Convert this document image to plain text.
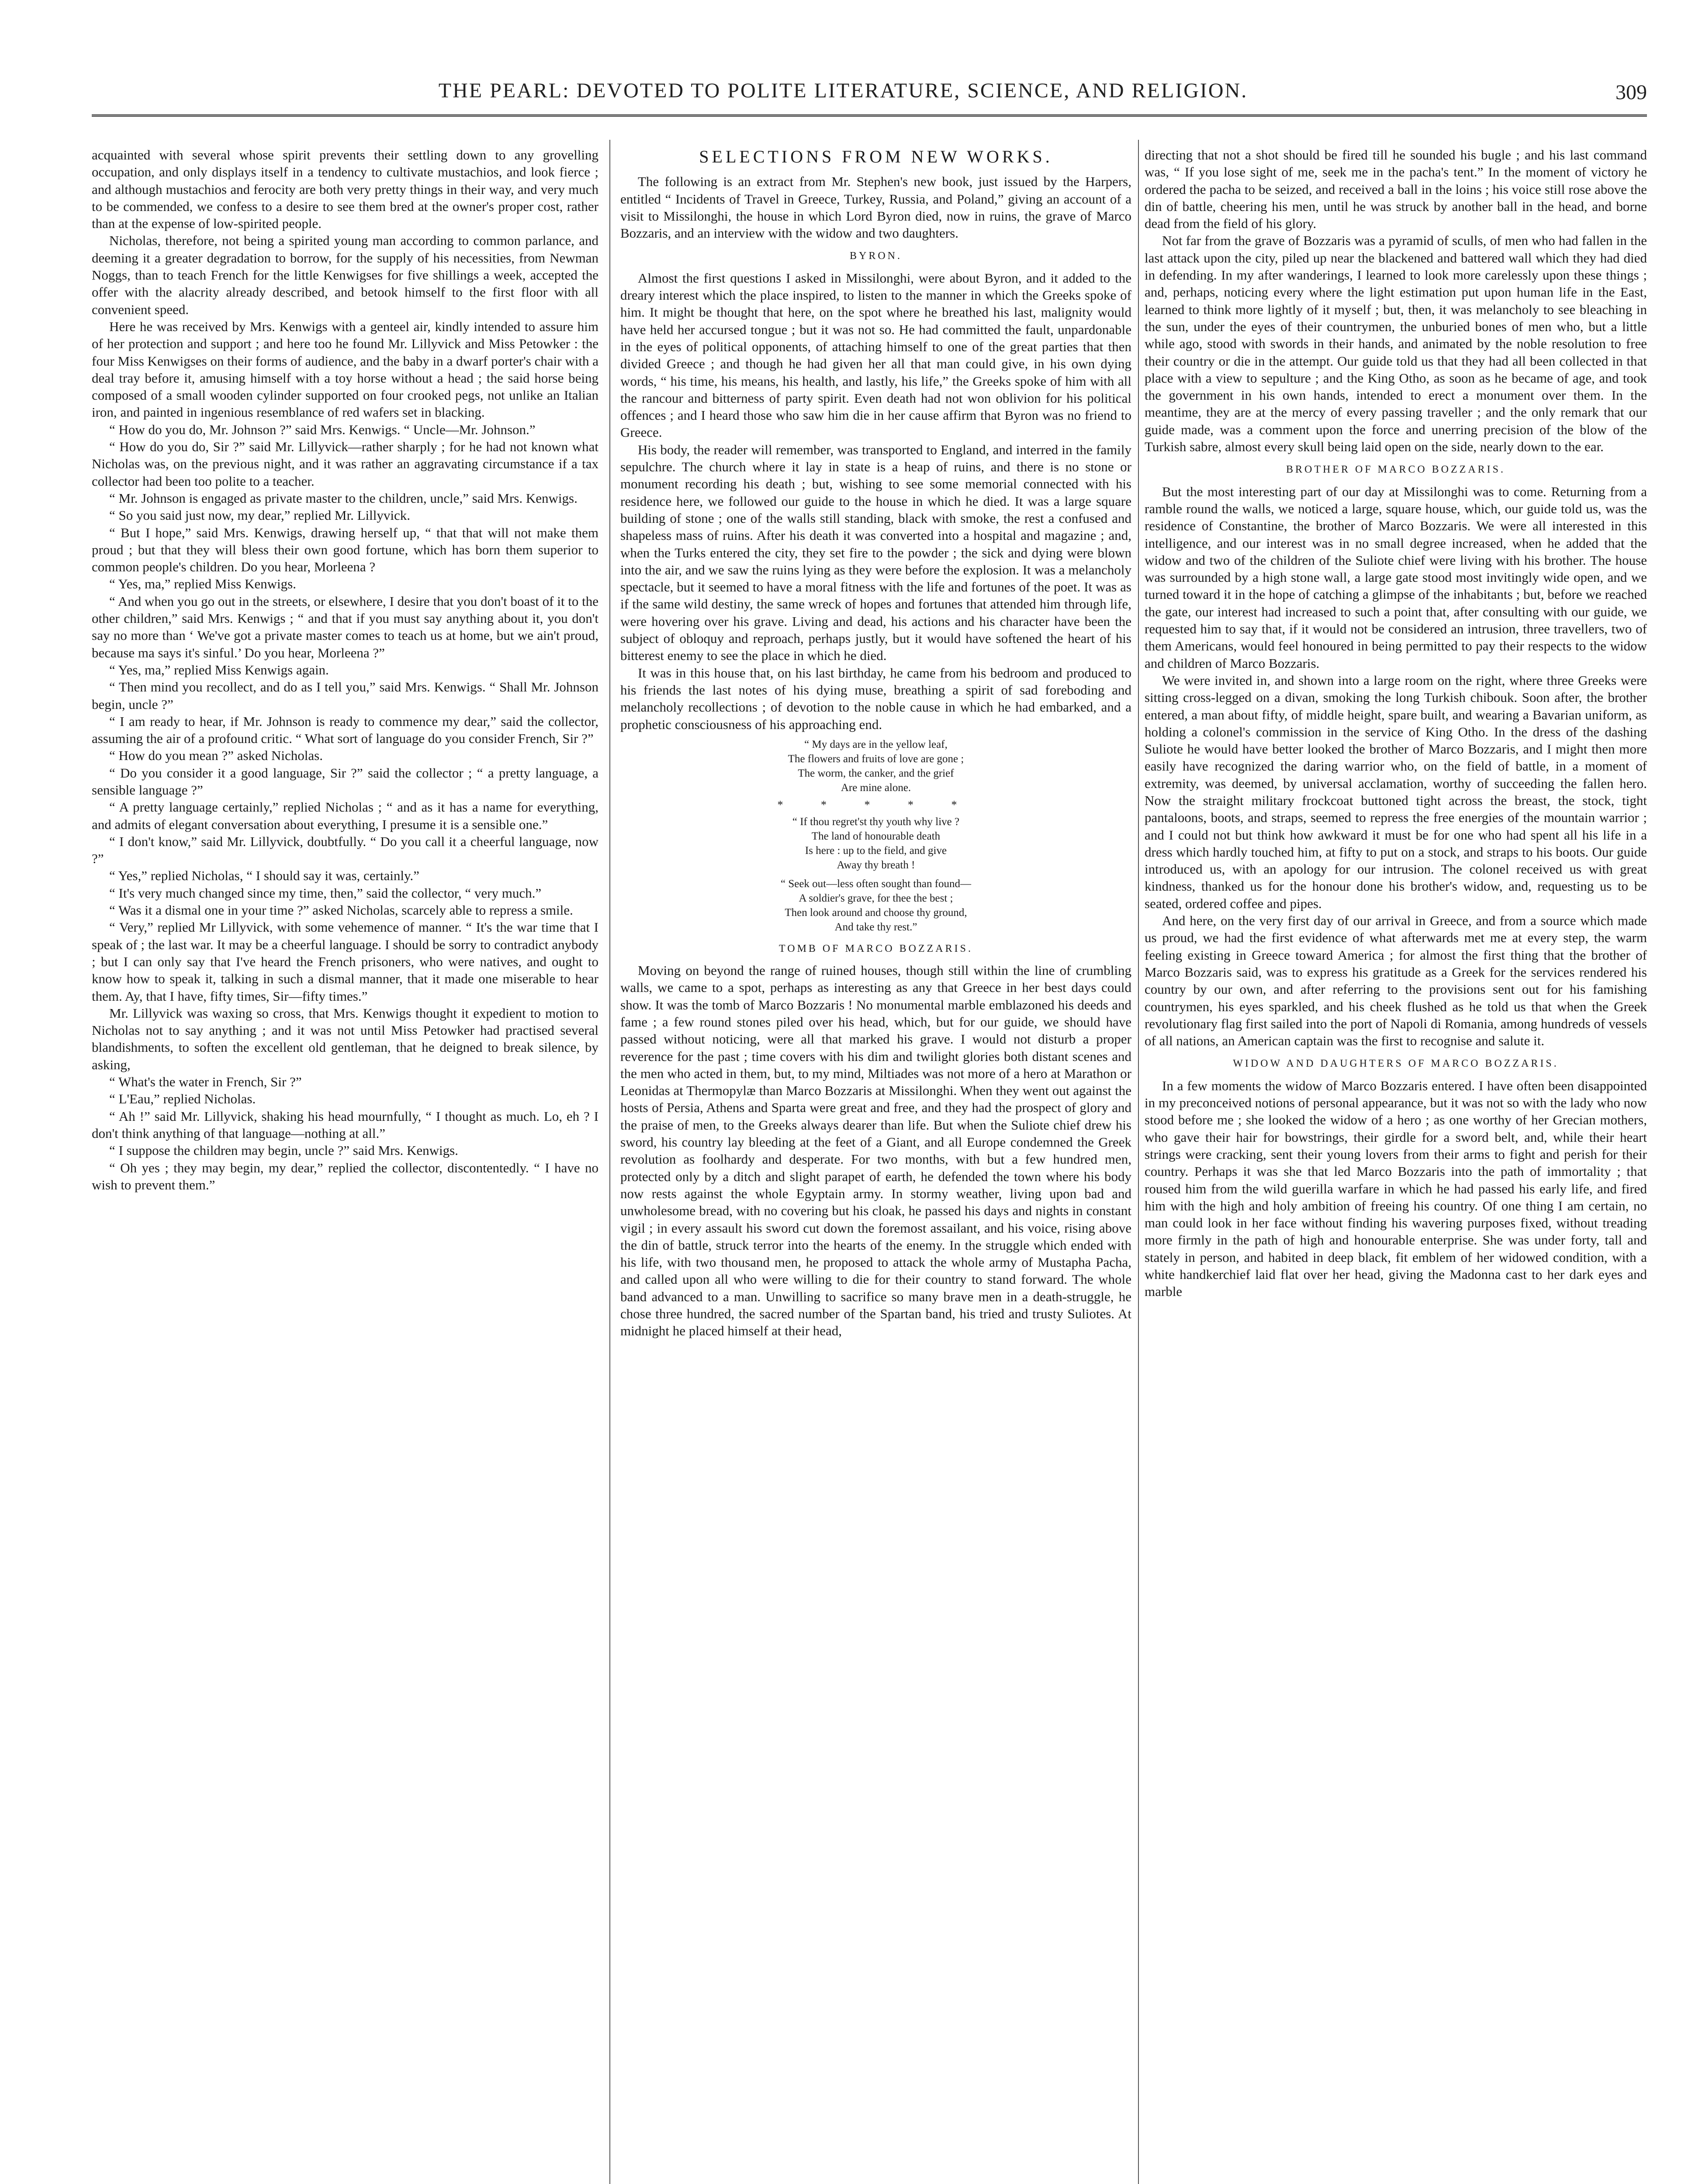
THE PEARL: DEVOTED TO POLITE LITERATURE, SCIENCE, AND RELIGION.	309

acquainted with several whose spirit prevents their settling down to any grovelling occupation, and only displays itself in a tendency to cultivate mustachios, and look fierce ; and although mustachios and ferocity are both very pretty things in their way, and very much to be commended, we confess to a desire to see them bred at the owner's proper cost, rather than at the expense of low-spirited people.

Nicholas, therefore, not being a spirited young man according to common parlance, and deeming it a greater degradation to borrow, for the supply of his necessities, from Newman Noggs, than to teach French for the little Kenwigses for five shillings a week, accepted the offer with the alacrity already described, and betook himself to the first floor with all convenient speed.

Here he was received by Mrs. Kenwigs with a genteel air, kindly intended to assure him of her protection and support ; and here too he found Mr. Lillyvick and Miss Petowker : the four Miss Kenwigses on their forms of audience, and the baby in a dwarf porter's chair with a deal tray before it, amusing himself with a toy horse without a head ; the said horse being composed of a small wooden cylinder supported on four crooked pegs, not unlike an Italian iron, and painted in ingenious resemblance of red wafers set in blacking.

“ How do you do, Mr. Johnson ?” said Mrs. Kenwigs. “ Uncle—Mr. Johnson.”

“ How do you do, Sir ?” said Mr. Lillyvick—rather sharply ; for he had not known what Nicholas was, on the previous night, and it was rather an aggravating circumstance if a tax collector had been too polite to a teacher.

“ Mr. Johnson is engaged as private master to the children, uncle,” said Mrs. Kenwigs.

“ So you said just now, my dear,” replied Mr. Lillyvick.

“ But I hope,” said Mrs. Kenwigs, drawing herself up, “ that that will not make them proud ; but that they will bless their own good fortune, which has born them superior to common people's children. Do you hear, Morleena ?

“ Yes, ma,” replied Miss Kenwigs.

“ And when you go out in the streets, or elsewhere, I desire that you don't boast of it to the other children,” said Mrs. Kenwigs ; “ and that if you must say anything about it, you don't say no more than ‘ We've got a private master comes to teach us at home, but we ain't proud, because ma says it's sinful.’ Do you hear, Morleena ?”

“ Yes, ma,” replied Miss Kenwigs again.

“ Then mind you recollect, and do as I tell you,” said Mrs. Kenwigs. “ Shall Mr. Johnson begin, uncle ?”

“ I am ready to hear, if Mr. Johnson is ready to commence my dear,” said the collector, assuming the air of a profound critic. “ What sort of language do you consider French, Sir ?”

“ How do you mean ?” asked Nicholas.

“ Do you consider it a good language, Sir ?” said the collector ; “ a pretty language, a sensible language ?”

“ A pretty language certainly,” replied Nicholas ; “ and as it has a name for everything, and admits of elegant conversation about everything, I presume it is a sensible one.”

“ I don't know,” said Mr. Lillyvick, doubtfully. “ Do you call it a cheerful language, now ?”

“ Yes,” replied Nicholas, “ I should say it was, certainly.”

“ It's very much changed since my time, then,” said the collector, “ very much.”

“ Was it a dismal one in your time ?” asked Nicholas, scarcely able to repress a smile.

“ Very,” replied Mr Lillyvick, with some vehemence of manner. “ It's the war time that I speak of ; the last war. It may be a cheerful language. I should be sorry to contradict anybody ; but I can only say that I've heard the French prisoners, who were natives, and ought to know how to speak it, talking in such a dismal manner, that it made one miserable to hear them. Ay, that I have, fifty times, Sir—fifty times.”

Mr. Lillyvick was waxing so cross, that Mrs. Kenwigs thought it expedient to motion to Nicholas not to say anything ; and it was not until Miss Petowker had practised several blandishments, to soften the excellent old gentleman, that he deigned to break silence, by asking,

“ What's the water in French, Sir ?”

“ L'Eau,” replied Nicholas.

“ Ah !” said Mr. Lillyvick, shaking his head mournfully, “ I thought as much. Lo, eh ? I don't think anything of that language—nothing at all.”

“ I suppose the children may begin, uncle ?” said Mrs. Kenwigs.

“ Oh yes ; they may begin, my dear,” replied the collector, discontentedly. “ I have no wish to prevent them.”

SELECTIONS FROM NEW WORKS.

The following is an extract from Mr. Stephen's new book, just issued by the Harpers, entitled “ Incidents of Travel in Greece, Turkey, Russia, and Poland,” giving an account of a visit to Missilonghi, the house in which Lord Byron died, now in ruins, the grave of Marco Bozzaris, and an interview with the widow and two daughters.

BYRON.

Almost the first questions I asked in Missilonghi, were about Byron, and it added to the dreary interest which the place inspired, to listen to the manner in which the Greeks spoke of him. It might be thought that here, on the spot where he breathed his last, malignity would have held her accursed tongue ; but it was not so. He had committed the fault, unpardonable in the eyes of political opponents, of attaching himself to one of the great parties that then divided Greece ; and though he had given her all that man could give, in his own dying words, “ his time, his means, his health, and lastly, his life,” the Greeks spoke of him with all the rancour and bitterness of party spirit. Even death had not won oblivion for his political offences ; and I heard those who saw him die in her cause affirm that Byron was no friend to Greece.

His body, the reader will remember, was transported to England, and interred in the family sepulchre. The church where it lay in state is a heap of ruins, and there is no stone or monument recording his death ; but, wishing to see some memorial connected with his residence here, we followed our guide to the house in which he died. It was a large square building of stone ; one of the walls still standing, black with smoke, the rest a confused and shapeless mass of ruins. After his death it was converted into a hospital and magazine ; and, when the Turks entered the city, they set fire to the powder ; the sick and dying were blown into the air, and we saw the ruins lying as they were before the explosion. It was a melancholy spectacle, but it seemed to have a moral fitness with the life and fortunes of the poet. It was as if the same wild destiny, the same wreck of hopes and fortunes that attended him through life, were hovering over his grave. Living and dead, his actions and his character have been the subject of obloquy and reproach, perhaps justly, but it would have softened the heart of his bitterest enemy to see the place in which he died.

It was in this house that, on his last birthday, he came from his bedroom and produced to his friends the last notes of his dying muse, breathing a spirit of sad foreboding and melancholy recollections ; of devotion to the noble cause in which he had embarked, and a prophetic consciousness of his approaching end.

“ My days are in the yellow leaf,
The flowers and fruits of love are gone ;
The worm, the canker, and the grief
Are mine alone.
* * * * *
“ If thou regret'st thy youth why live ?
The land of honourable death
Is here : up to the field, and give
Away thy breath !
“ Seek out—less often sought than found—
A soldier's grave, for thee the best ;
Then look around and choose thy ground,
And take thy rest.”
TOMB OF MARCO BOZZARIS.

Moving on beyond the range of ruined houses, though still within the line of crumbling walls, we came to a spot, perhaps as interesting as any that Greece in her best days could show. It was the tomb of Marco Bozzaris ! No monumental marble emblazoned his deeds and fame ; a few round stones piled over his head, which, but for our guide, we should have passed without noticing, were all that marked his grave. I would not disturb a proper reverence for the past ; time covers with his dim and twilight glories both distant scenes and the men who acted in them, but, to my mind, Miltiades was not more of a hero at Marathon or Leonidas at Thermopylæ than Marco Bozzaris at Missilonghi. When they went out against the hosts of Persia, Athens and Sparta were great and free, and they had the prospect of glory and the praise of men, to the Greeks always dearer than life. But when the Suliote chief drew his sword, his country lay bleeding at the feet of a Giant, and all Europe condemned the Greek revolution as foolhardy and desperate. For two months, with but a few hundred men, protected only by a ditch and slight parapet of earth, he defended the town where his body now rests against the whole Egyptain army. In stormy weather, living upon bad and unwholesome bread, with no covering but his cloak, he passed his days and nights in constant vigil ; in every assault his sword cut down the foremost assailant, and his voice, rising above the din of battle, struck terror into the hearts of the enemy. In the struggle which ended with his life, with two thousand men, he proposed to attack the whole army of Mustapha Pacha, and called upon all who were willing to die for their country to stand forward. The whole band advanced to a man. Unwilling to sacrifice so many brave men in a death-struggle, he chose three hundred, the sacred number of the Spartan band, his tried and trusty Suliotes. At midnight he placed himself at their head,

directing that not a shot should be fired till he sounded his bugle ; and his last command was, “ If you lose sight of me, seek me in the pacha's tent.” In the moment of victory he ordered the pacha to be seized, and received a ball in the loins ; his voice still rose above the din of battle, cheering his men, until he was struck by another ball in the head, and borne dead from the field of his glory.

Not far from the grave of Bozzaris was a pyramid of sculls, of men who had fallen in the last attack upon the city, piled up near the blackened and battered wall which they had died in defending. In my after wanderings, I learned to look more carelessly upon these things ; and, perhaps, noticing every where the light estimation put upon human life in the East, learned to think more lightly of it myself ; but, then, it was melancholy to see bleaching in the sun, under the eyes of their countrymen, the unburied bones of men who, but a little while ago, stood with swords in their hands, and animated by the noble resolution to free their country or die in the attempt. Our guide told us that they had all been collected in that place with a view to sepulture ; and the King Otho, as soon as he became of age, and took the government in his own hands, intended to erect a monument over them. In the meantime, they are at the mercy of every passing traveller ; and the only remark that our guide made, was a comment upon the force and unerring precision of the blow of the Turkish sabre, almost every skull being laid open on the side, nearly down to the ear.

BROTHER OF MARCO BOZZARIS.

But the most interesting part of our day at Missilonghi was to come. Returning from a ramble round the walls, we noticed a large, square house, which, our guide told us, was the residence of Constantine, the brother of Marco Bozzaris. We were all interested in this intelligence, and our interest was in no small degree increased, when he added that the widow and two of the children of the Suliote chief were living with his brother. The house was surrounded by a high stone wall, a large gate stood most invitingly wide open, and we turned toward it in the hope of catching a glimpse of the inhabitants ; but, before we reached the gate, our interest had increased to such a point that, after consulting with our guide, we requested him to say that, if it would not be considered an intrusion, three travellers, two of them Americans, would feel honoured in being permitted to pay their respects to the widow and children of Marco Bozzaris.

We were invited in, and shown into a large room on the right, where three Greeks were sitting cross-legged on a divan, smoking the long Turkish chibouk. Soon after, the brother entered, a man about fifty, of middle height, spare built, and wearing a Bavarian uniform, as holding a colonel's commission in the service of King Otho. In the dress of the dashing Suliote he would have better looked the brother of Marco Bozzaris, and I might then more easily have recognized the daring warrior who, on the field of battle, in a moment of extremity, was deemed, by universal acclamation, worthy of succeeding the fallen hero. Now the straight military frockcoat buttoned tight across the breast, the stock, tight pantaloons, boots, and straps, seemed to repress the free energies of the mountain warrior ; and I could not but think how awkward it must be for one who had spent all his life in a dress which hardly touched him, at fifty to put on a stock, and straps to his boots. Our guide introduced us, with an apology for our intrusion. The colonel received us with great kindness, thanked us for the honour done his brother's widow, and, requesting us to be seated, ordered coffee and pipes.

And here, on the very first day of our arrival in Greece, and from a source which made us proud, we had the first evidence of what afterwards met me at every step, the warm feeling existing in Greece toward America ; for almost the first thing that the brother of Marco Bozzaris said, was to express his gratitude as a Greek for the services rendered his country by our own, and after referring to the provisions sent out for his famishing countrymen, his eyes sparkled, and his cheek flushed as he told us that when the Greek revolutionary flag first sailed into the port of Napoli di Romania, among hundreds of vessels of all nations, an American captain was the first to recognise and salute it.

WIDOW AND DAUGHTERS OF MARCO BOZZARIS.

In a few moments the widow of Marco Bozzaris entered. I have often been disappointed in my preconceived notions of personal appearance, but it was not so with the lady who now stood before me ; she looked the widow of a hero ; as one worthy of her Grecian mothers, who gave their hair for bowstrings, their girdle for a sword belt, and, while their heart strings were cracking, sent their young lovers from their arms to fight and perish for their country. Perhaps it was she that led Marco Bozzaris into the path of immortality ; that roused him from the wild guerilla warfare in which he had passed his early life, and fired him with the high and holy ambition of freeing his country. Of one thing I am certain, no man could look in her face without finding his wavering purposes fixed, without treading more firmly in the path of high and honourable enterprise. She was under forty, tall and stately in person, and habited in deep black, fit emblem of her widowed condition, with a white handkerchief laid flat over her head, giving the Madonna cast to her dark eyes and marble
